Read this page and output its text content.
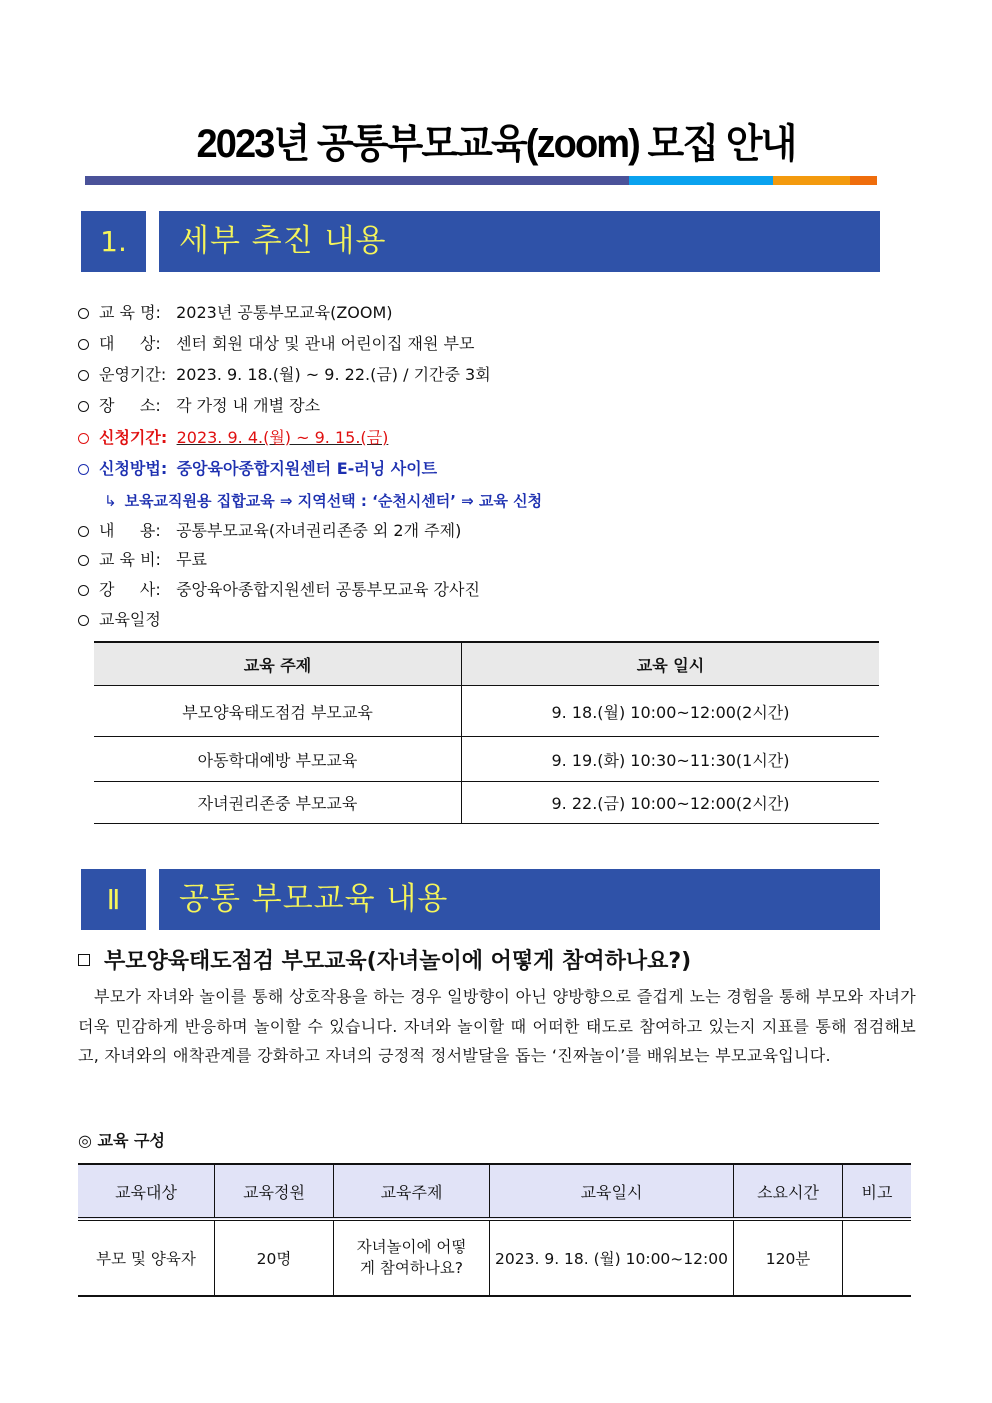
2023년 공통부모교육(zoom) 모집 안내
1.	세부 추진 내용
교 육 명: 2023년 공통부모교육(ZOOM)
대     상: 센터 회원 대상 및 관내 어린이집 재원 부모
운영기간: 2023. 9. 18.(월) ~ 9. 22.(금) / 기간중 3회
장     소: 각 가정 내 개별 장소
신청기간: 2023. 9. 4.(월) ~ 9. 15.(금)
신청방법: 중앙육아종합지원센터 E-러닝 사이트
↳ 보육교직원용 집합교육 ⇒ 지역선택 : ‘순천시센터’ ⇒ 교육 신청
내     용: 공통부모교육(자녀권리존중 외 2개 주제)
교 육 비: 무료
강     사: 중앙육아종합지원센터 공통부모교육 강사진
교육일정
교육 주제	교육 일시
부모양육태도점검 부모교육	9. 18.(월) 10:00~12:00(2시간)
아동학대예방 부모교육	9. 19.(화) 10:30~11:30(1시간)
자녀권리존중 부모교육	9. 22.(금) 10:00~12:00(2시간)
Ⅱ	공통 부모교육 내용
부모양육태도점검 부모교육(자녀놀이에 어떻게 참여하나요?)
부모가 자녀와 놀이를 통해 상호작용을 하는 경우 일방향이 아닌 양방향으로 즐겁게 노는 경험을 통해 부모와 자녀가 더욱 민감하게 반응하며 놀이할 수 있습니다. 자녀와 놀이할 때 어떠한 태도로 참여하고 있는지 지표를 통해 점검해보고, 자녀와의 애착관계를 강화하고 자녀의 긍정적 정서발달을 돕는 ‘진짜놀이’를 배워보는 부모교육입니다.
◎ 교육 구성
교육대상	교육정원	교육주제	교육일시	소요시간	비고
부모 및 양육자	20명	자녀놀이에 어떻게 참여하나요?	2023. 9. 18. (월) 10:00~12:00	120분	
